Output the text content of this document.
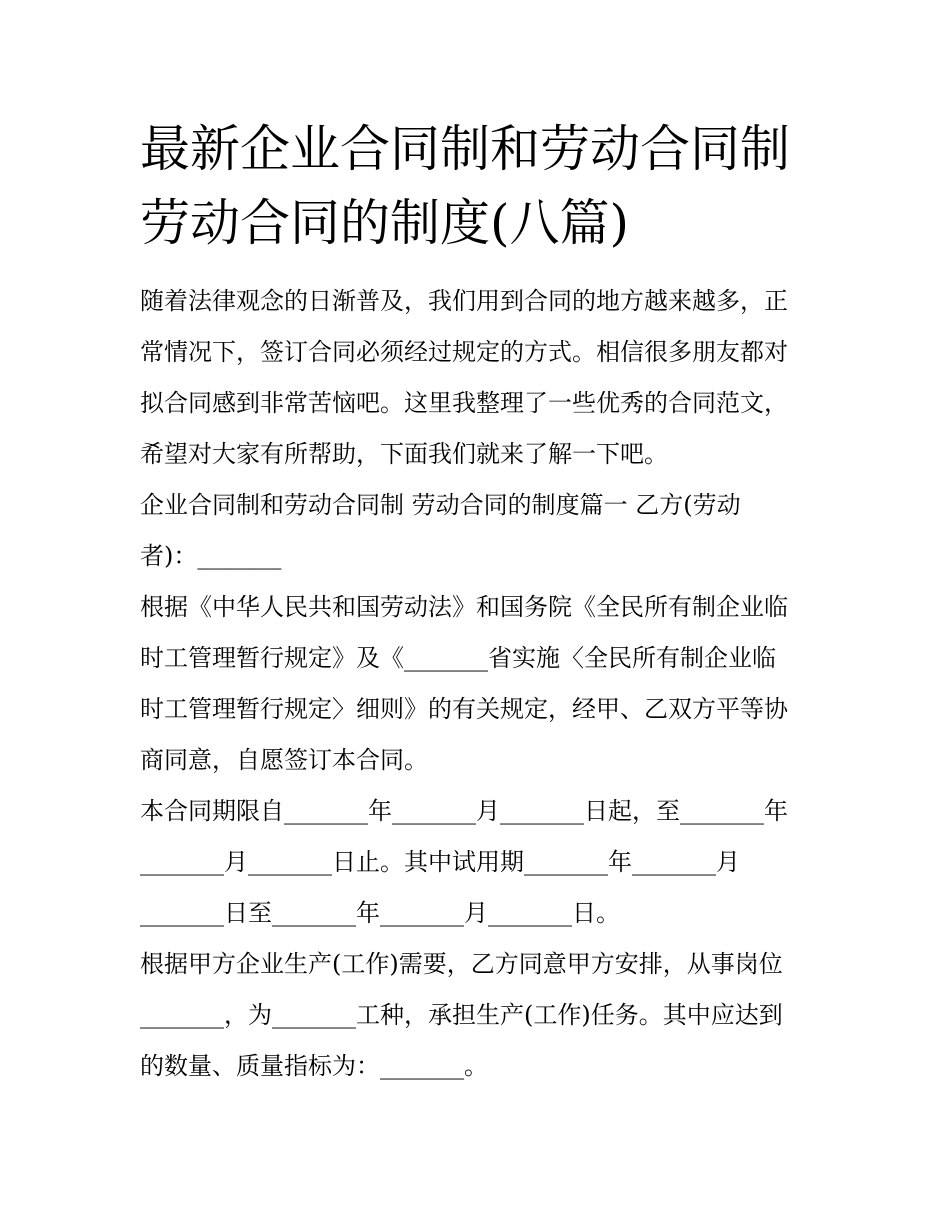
最新企业合同制和劳动合同制
劳动合同的制度(八篇)
随着法律观念的日渐普及，我们用到合同的地方越来越多，正
常情况下，签订合同必须经过规定的方式。相信很多朋友都对
拟合同感到非常苦恼吧。这里我整理了一些优秀的合同范文，
希望对大家有所帮助，下面我们就来了解一下吧。
企业合同制和劳动合同制 劳动合同的制度篇一 乙方(劳动
者)：_______
根据《中华人民共和国劳动法》和国务院《全民所有制企业临
时工管理暂行规定》及《_______省实施〈全民所有制企业临
时工管理暂行规定〉细则》的有关规定，经甲、乙双方平等协
商同意，自愿签订本合同。
本合同期限自_______年_______月_______日起，至_______年
_______月_______日止。其中试用期_______年_______月
_______日至_______年_______月_______日。
根据甲方企业生产(工作)需要，乙方同意甲方安排，从事岗位
_______，为_______工种，承担生产(工作)任务。其中应达到
的数量、质量指标为：_______。
